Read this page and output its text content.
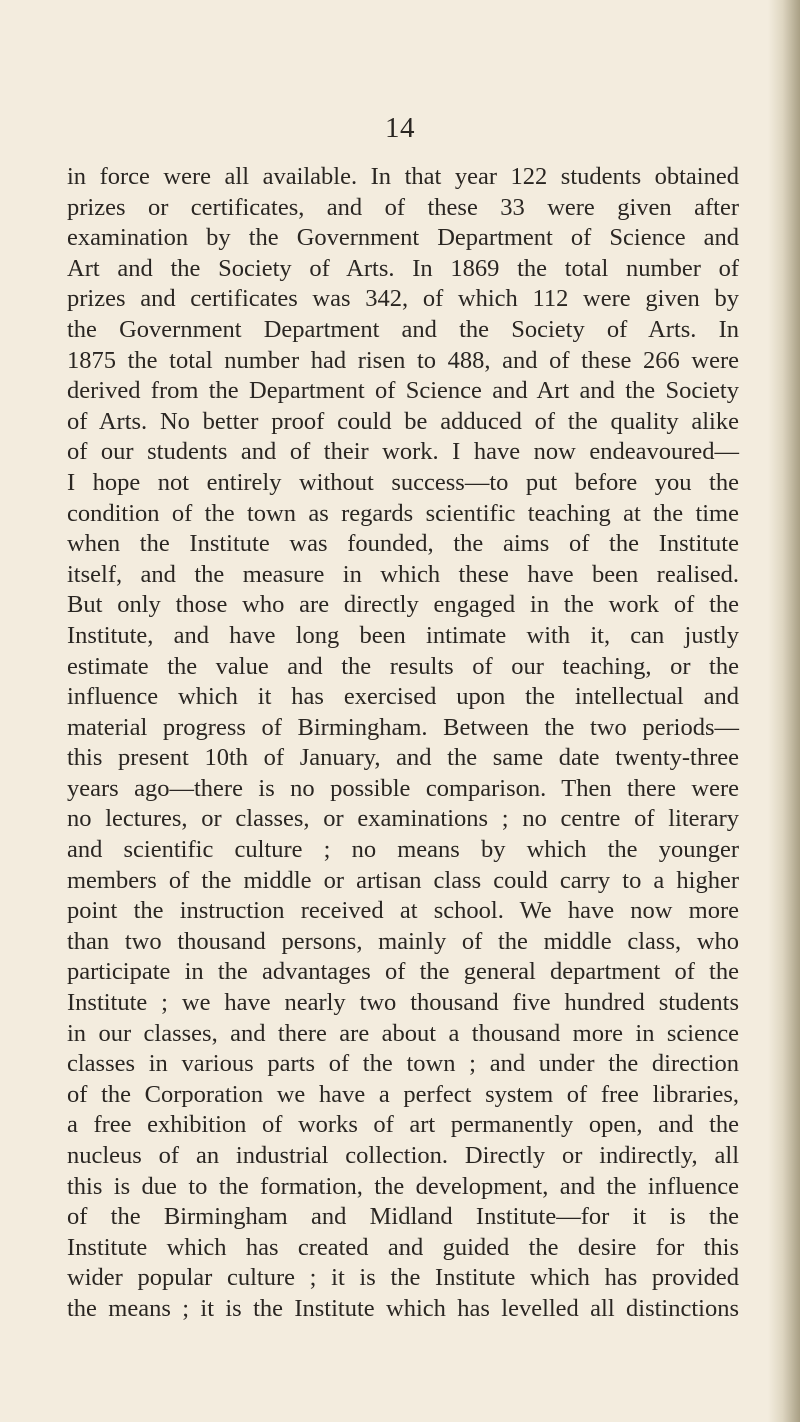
14
in force were all available. In that year 122 students obtained
prizes or certificates, and of these 33 were given after
examination by the Government Department of Science and
Art and the Society of Arts. In 1869 the total number of
prizes and certificates was 342, of which 112 were given by
the Government Department and the Society of Arts. In
1875 the total number had risen to 488, and of these 266 were
derived from the Department of Science and Art and the Society
of Arts. No better proof could be adduced of the quality alike
of our students and of their work. I have now endeavoured—
I hope not entirely without success—to put before you the
condition of the town as regards scientific teaching at the time
when the Institute was founded, the aims of the Institute
itself, and the measure in which these have been realised.
But only those who are directly engaged in the work of the
Institute, and have long been intimate with it, can justly
estimate the value and the results of our teaching, or the
influence which it has exercised upon the intellectual and
material progress of Birmingham. Between the two periods—
this present 10th of January, and the same date twenty-three
years ago—there is no possible comparison. Then there were
no lectures, or classes, or examinations ; no centre of literary
and scientific culture ; no means by which the younger
members of the middle or artisan class could carry to a higher
point the instruction received at school. We have now more
than two thousand persons, mainly of the middle class, who
participate in the advantages of the general department of the
Institute ; we have nearly two thousand five hundred students
in our classes, and there are about a thousand more in science
classes in various parts of the town ; and under the direction
of the Corporation we have a perfect system of free libraries,
a free exhibition of works of art permanently open, and the
nucleus of an industrial collection. Directly or indirectly, all
this is due to the formation, the development, and the influence
of the Birmingham and Midland Institute—for it is the
Institute which has created and guided the desire for this
wider popular culture ; it is the Institute which has provided
the means ; it is the Institute which has levelled all distinctions
